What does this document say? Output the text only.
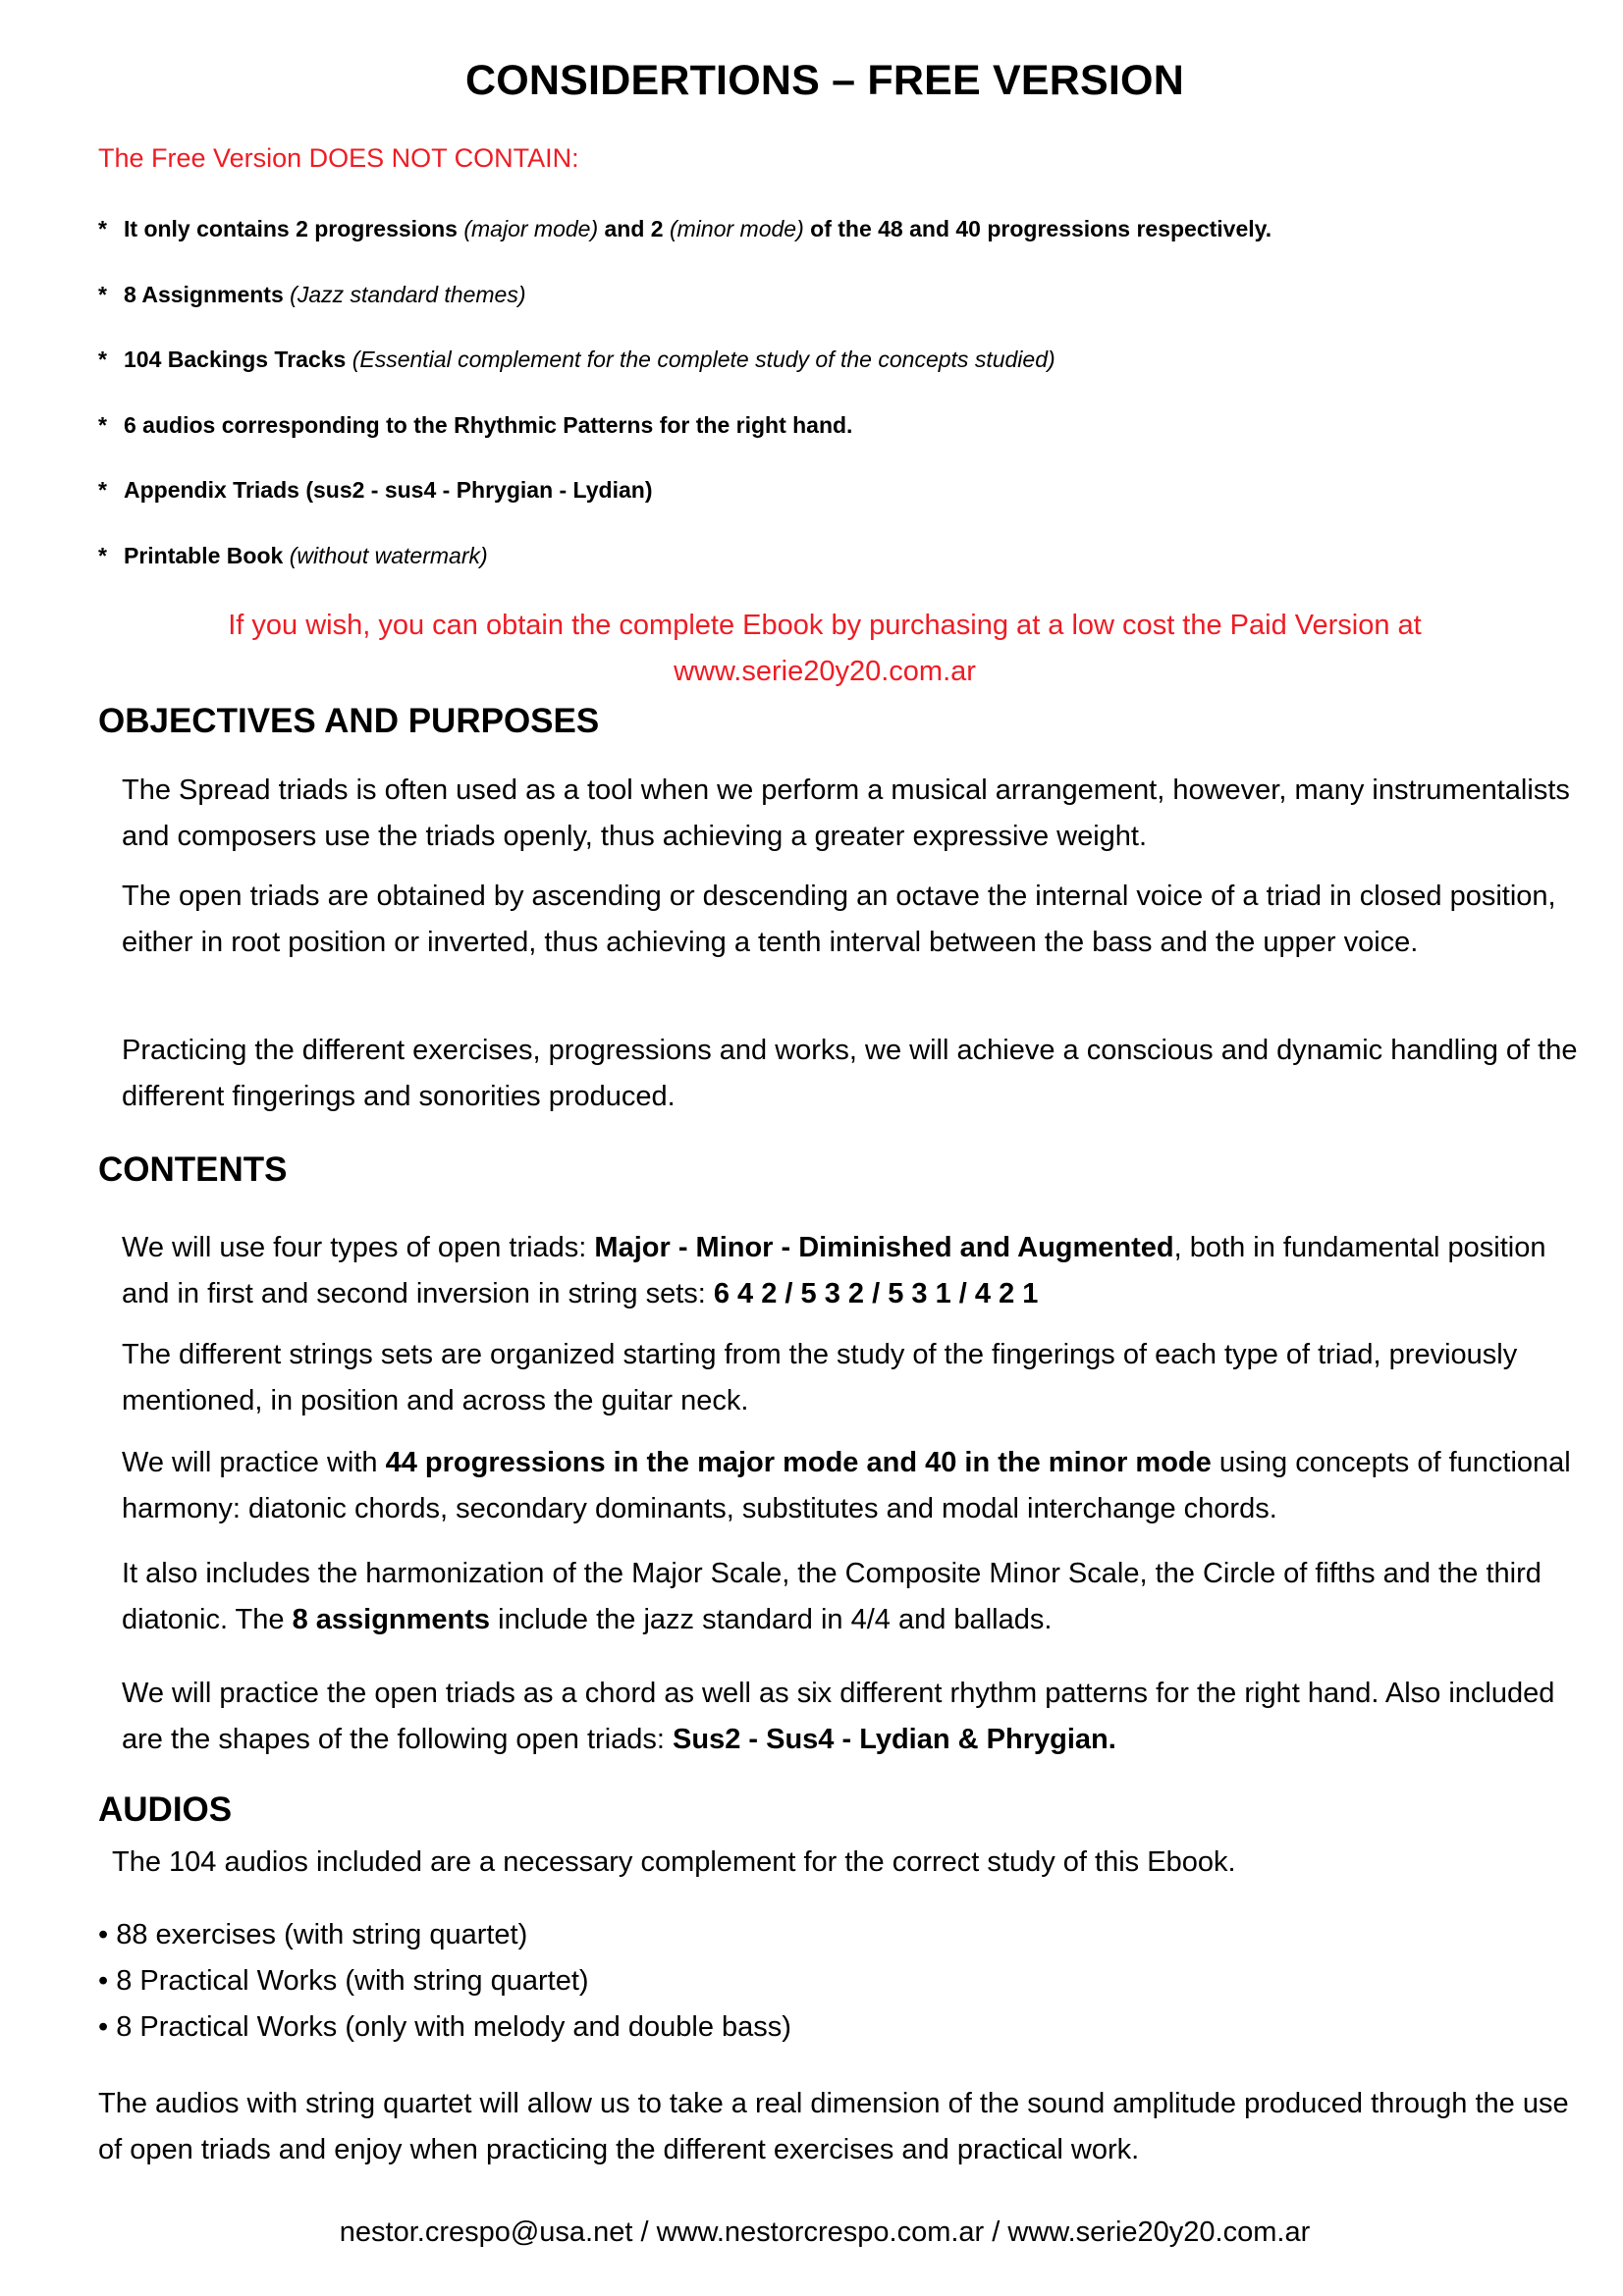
CONSIDERTIONS – FREE VERSION
The Free Version DOES NOT CONTAIN:
* It only contains 2 progressions (major mode) and 2 (minor mode) of the 48 and 40 progressions respectively.
* 8 Assignments (Jazz standard themes)
* 104 Backings Tracks (Essential complement for the complete study of the concepts studied)
* 6 audios corresponding to the Rhythmic Patterns for the right hand.
* Appendix Triads (sus2 - sus4 - Phrygian - Lydian)
* Printable Book (without watermark)
If you wish, you can obtain the complete Ebook by purchasing at a low cost the Paid Version at
www.serie20y20.com.ar
OBJECTIVES AND PURPOSES

The Spread triads is often used as a tool when we perform a musical arrangement, however, many instrumentalists and composers use the triads openly, thus achieving a greater expressive weight.

The open triads are obtained by ascending or descending an octave the internal voice of a triad in closed position, either in root position or inverted, thus achieving a tenth interval between the bass and the upper voice.

Practicing the different exercises, progressions and works, we will achieve a conscious and dynamic handling of the different fingerings and sonorities produced.

CONTENTS

We will use four types of open triads: Major - Minor - Diminished and Augmented, both in fundamental position and in first and second inversion in string sets: 6 4 2 / 5 3 2 / 5 3 1 / 4 2 1

The different strings sets are organized starting from the study of the fingerings of each type of triad, previously mentioned, in position and across the guitar neck.

We will practice with 44 progressions in the major mode and 40 in the minor mode using concepts of functional harmony: diatonic chords, secondary dominants, substitutes and modal interchange chords.

It also includes the harmonization of the Major Scale, the Composite Minor Scale, the Circle of fifths and the third diatonic. The 8 assignments include the jazz standard in 4/4 and ballads.

We will practice the open triads as a chord as well as six different rhythm patterns for the right hand. Also included are the shapes of the following open triads: Sus2 - Sus4 - Lydian & Phrygian.

AUDIOS

The 104 audios included are a necessary complement for the correct study of this Ebook.

• 88 exercises (with string quartet)
• 8 Practical Works (with string quartet)
• 8 Practical Works (only with melody and double bass)

The audios with string quartet will allow us to take a real dimension of the sound amplitude produced through the use of open triads and enjoy when practicing the different exercises and practical work.

nestor.crespo@usa.net / www.nestorcrespo.com.ar / www.serie20y20.com.ar
